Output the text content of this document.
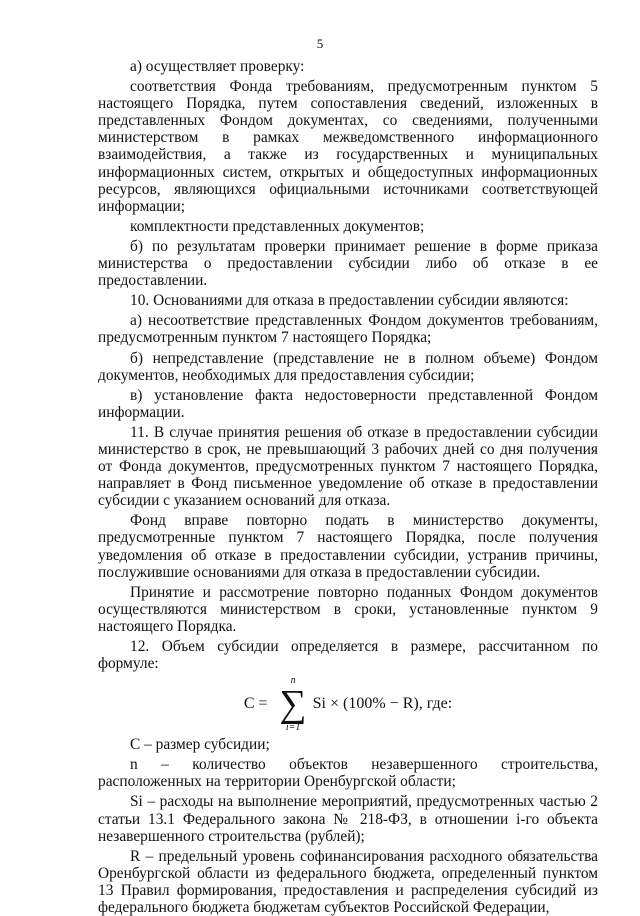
5

а) осуществляет проверку:

соответствия Фонда требованиям, предусмотренным пунктом 5 настоящего Порядка, путем сопоставления сведений, изложенных в представленных Фондом документах, со сведениями, полученными министерством в рамках межведомственного информационного взаимодействия, а также из государственных и муниципальных информационных систем, открытых и общедоступных информационных ресурсов, являющихся официальными источниками соответствующей информации;

комплектности представленных документов;

б) по результатам проверки принимает решение в форме приказа министерства о предоставлении субсидии либо об отказе в ее предоставлении.

10. Основаниями для отказа в предоставлении субсидии являются:

а) несоответствие представленных Фондом документов требованиям, предусмотренным пунктом 7 настоящего Порядка;

б) непредставление (представление не в полном объеме) Фондом документов, необходимых для предоставления субсидии;

в) установление факта недостоверности представленной Фондом информации.

11. В случае принятия решения об отказе в предоставлении субсидии министерство в срок, не превышающий 3 рабочих дней со дня получения от Фонда документов, предусмотренных пунктом 7 настоящего Порядка, направляет в Фонд письменное уведомление об отказе в предоставлении субсидии с указанием оснований для отказа.

Фонд вправе повторно подать в министерство документы, предусмотренные пунктом 7 настоящего Порядка, после получения уведомления об отказе в предоставлении субсидии, устранив причины, послужившие основаниями для отказа в предоставлении субсидии.

Принятие и рассмотрение повторно поданных Фондом документов осуществляются министерством в сроки, установленные пунктом 9 настоящего Порядка.

12. Объем субсидии определяется в размере, рассчитанном по формуле:

С =
n
∑
i=1
Si × (100% − R), где:

С – размер субсидии;

n – количество объектов незавершенного строительства, расположенных на территории Оренбургской области;

Si – расходы на выполнение мероприятий, предусмотренных частью 2 статьи 13.1 Федерального закона № 218-ФЗ, в отношении i-го объекта незавершенного строительства (рублей);

R – предельный уровень софинансирования расходного обязательства Оренбургской области из федерального бюджета, определенный пунктом 13 Правил формирования, предоставления и распределения субсидий из федерального бюджета бюджетам субъектов Российской Федерации,
